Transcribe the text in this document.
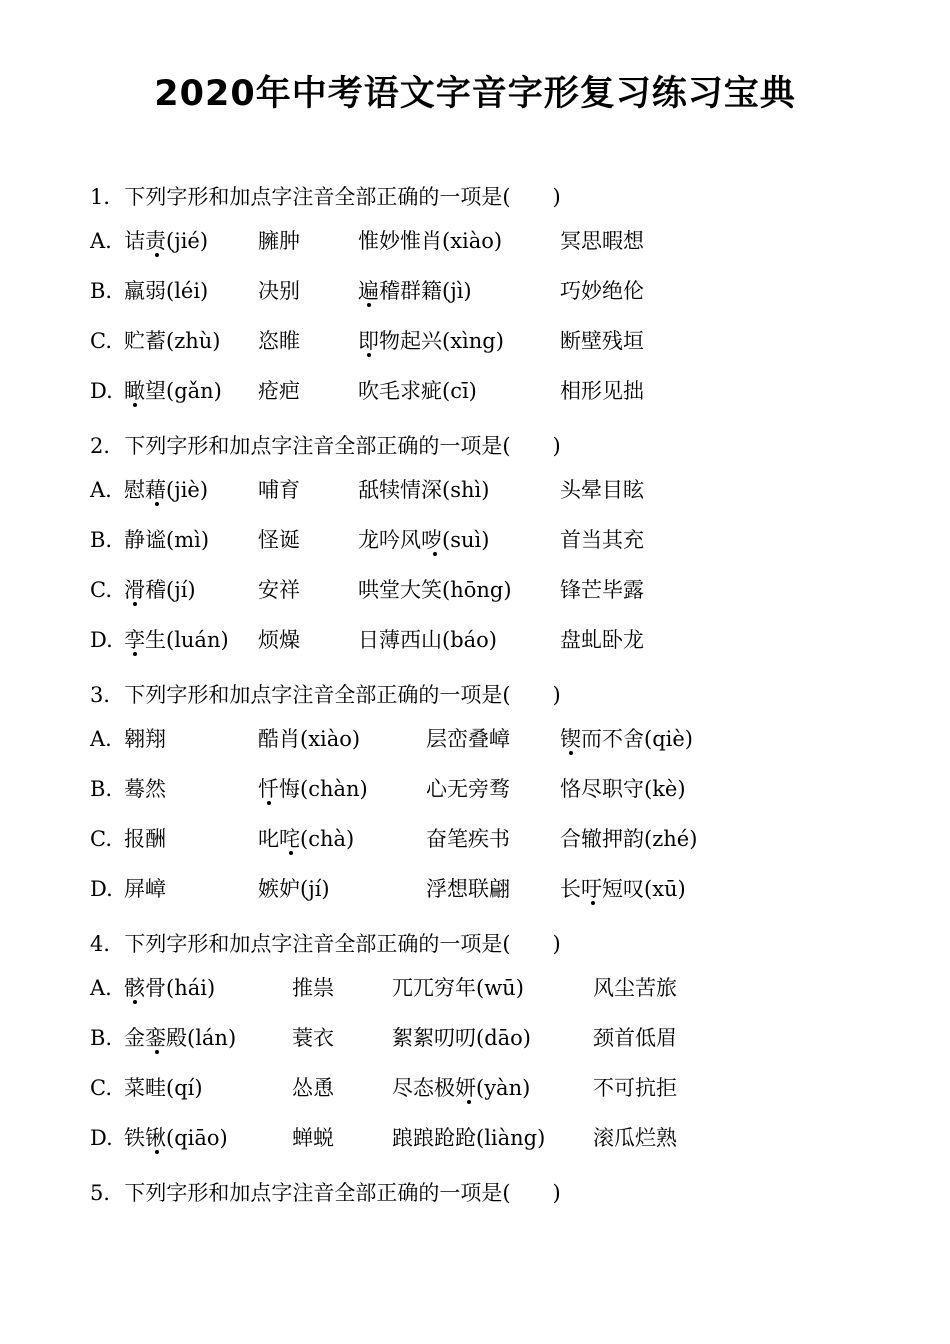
2020年中考语文字音字形复习练习宝典
1．下列字形和加点字注音全部正确的一项是(　　)
A. 诘责(jié) 臃肿	惟妙惟肖(xiào)	冥思暇想
B. 羸弱(léi) 决别	遍稽群籍(jì)	巧妙绝伦
C. 贮蓄(zhù) 恣睢	即物起兴(xìng)	断壁残垣
D. 瞰望(gǎn) 疮疤	吹毛求疵(cī)	相形见拙
2．下列字形和加点字注音全部正确的一项是(　　)
A. 慰藉(jiè) 哺育	舐犊情深(shì)	头晕目眩
B. 静谧(mì) 怪诞	龙吟风哕(suì)	首当其充
C. 滑稽(jí)	安祥	哄堂大笑(hōng) 锋芒毕露
D. 孪生(luán) 烦燥	日薄西山(báo)	盘虬卧龙
3．下列字形和加点字注音全部正确的一项是(　　)
A. 翱翔	酷肖(xiào)	层峦叠嶂 锲而不舍(qiè)
B. 蓦然	忏悔(chàn)	心无旁骛 恪尽职守(kè)
C. 报酬	叱咤(chà)	奋笔疾书 合辙押韵(zhé)
D. 屏嶂	嫉妒(jí)	浮想联翩 长吁短叹(xū)
4．下列字形和加点字注音全部正确的一项是(　　)
A. 骸骨(hái)	推祟	兀兀穷年(wū)	风尘苦旅
B. 金銮殿(lán)	蓑衣	絮絮叨叨(dāo)	颈首低眉
C. 菜畦(qí)	怂恿	尽态极妍(yàn)	不可抗拒
D. 铁锹(qiāo)	蝉蜕	踉踉跄跄(liàng) 滚瓜烂熟
5．下列字形和加点字注音全部正确的一项是(　　)
